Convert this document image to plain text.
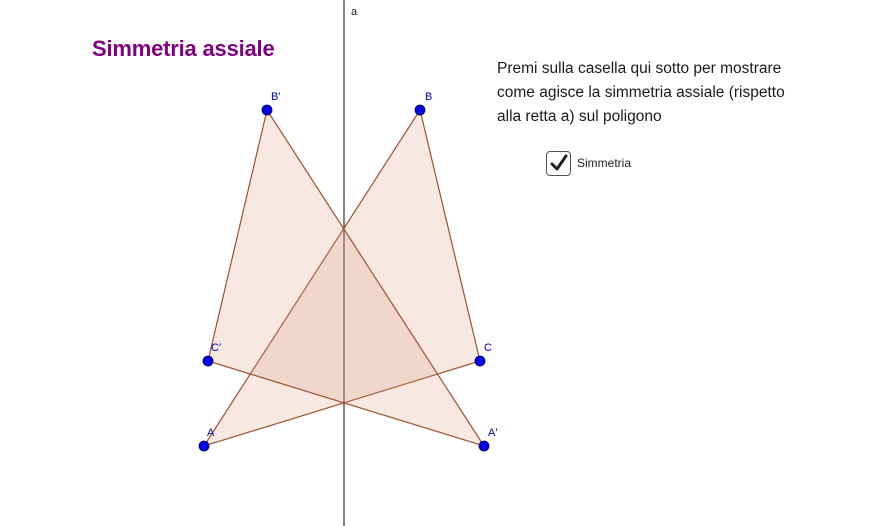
a
A
B
C
A′
B′
C′
Simmetria assiale
Premi sulla casella qui sotto per mostrare
come agisce la simmetria assiale (rispetto
alla retta a) sul poligono
Simmetria
